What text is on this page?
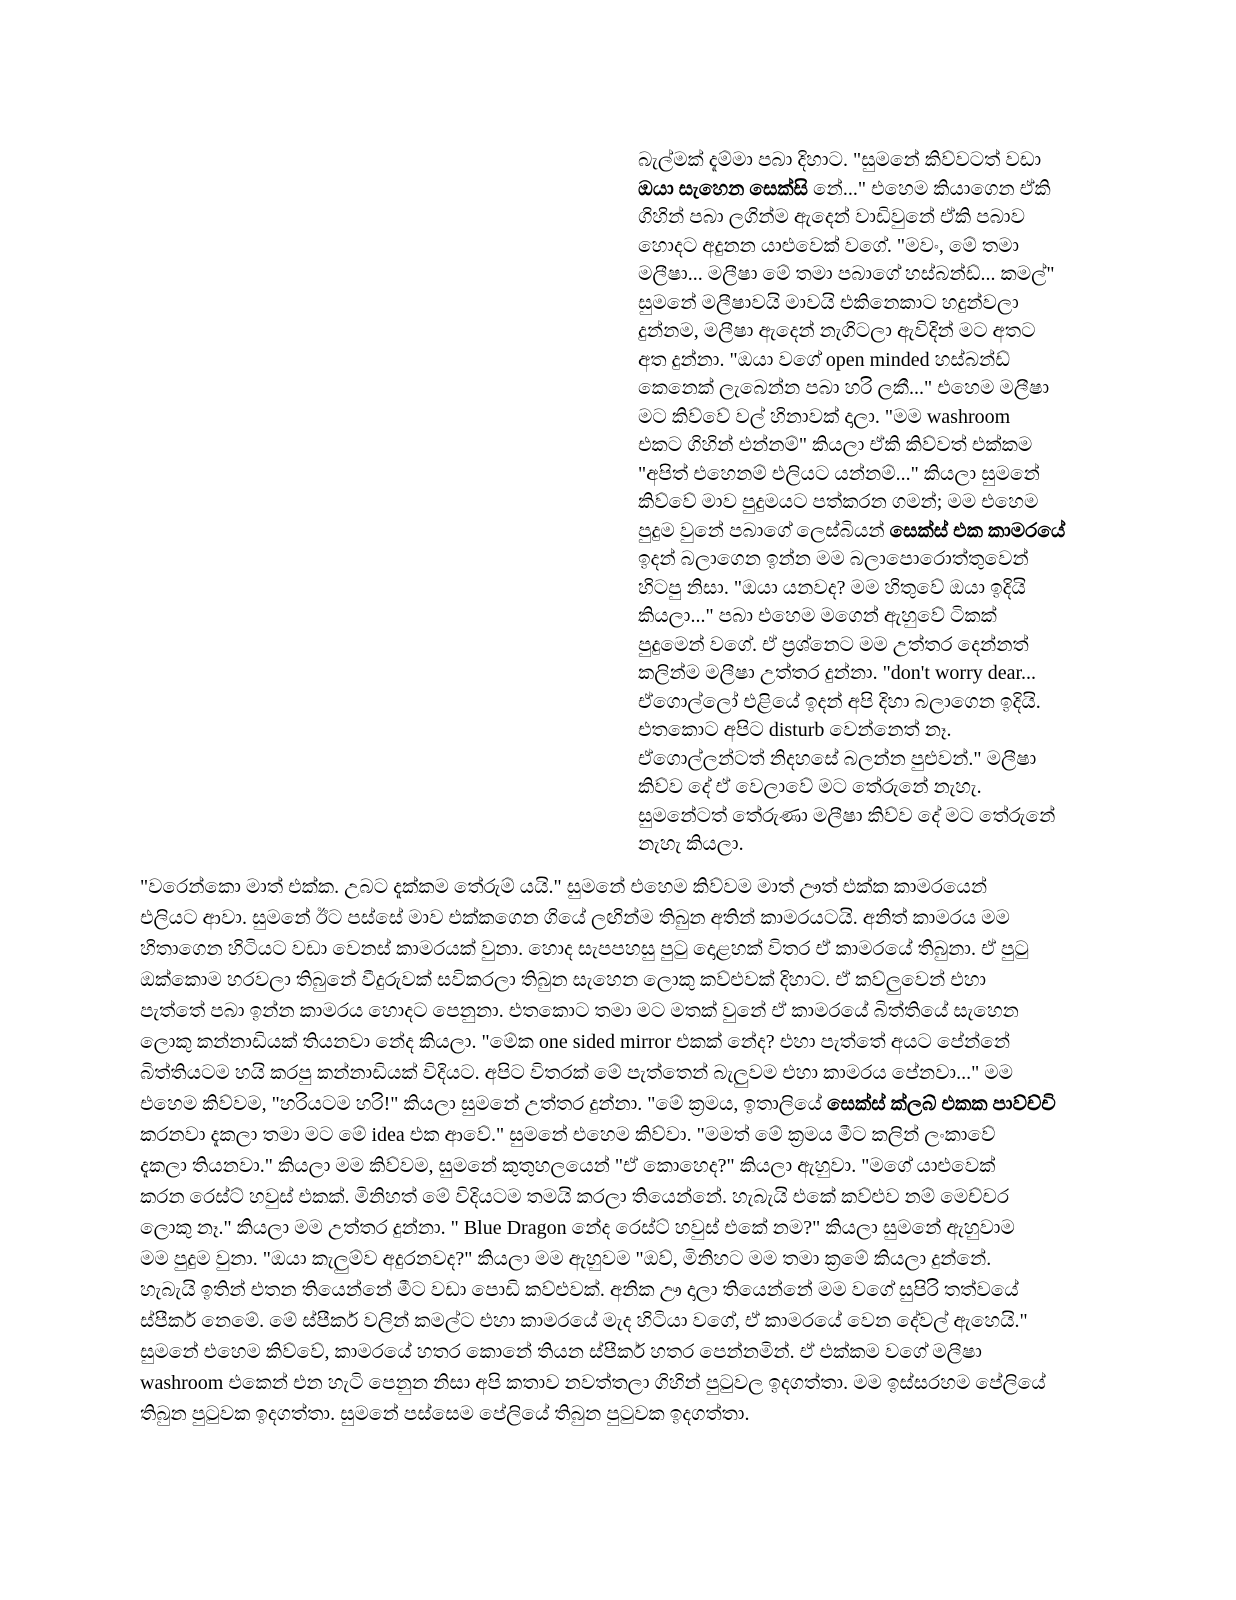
බැල්මක් දැම්මා පබා දිහාට. "සුමනේ කිව්වටත් වඩා
ඔයා සැහෙන සෙක්සි නේ..." එහෙම කියාගෙන ඒකි
ගිහින් පබා ලගින්ම ඇදෙන් වාඩිවුනේ ඒකි පබාව
හොදට අදුනන යාළුවෙක් වගේ. "මවං, මේ තමා
මලීෂා... මලීෂා මේ තමා පබාගේ හස්බන්ඩ්... කමල්"
සුමනේ මලීෂාවයි මාවයි එකිනෙකාට හදුන්වලා
දුන්නම, මලීෂා ඇදෙන් නැගිටලා ඇවිදින් මට අතට
අත දුන්නා. "ඔයා වගේ open minded හස්බන්ඩ්
කෙනෙක් ලැබෙන්න පබා හරි ලකී..." එහෙම මලීෂා
මට කිව්වේ වල් හිනාවක් දාලා. "මම washroom
එකට ගිහින් එන්නම්" කියලා ඒකි කිව්වත් එක්කම
"අපිත් එහෙනම් එලියට යන්නම්..." කියලා සුමනේ
කිව්වේ මාව පුදුමයට පත්කරන ගමන්; මම එහෙම
පුදුම වුනේ පබාගේ ලෙස්බියන් සෙක්ස් එක කාමරයේ
ඉදන් බලාගෙන ඉන්න මම බලාපොරොත්තුවෙන්
හිටපු නිසා. "ඔයා යනවද? මම හිතුවේ ඔයා ඉදියි
කියලා..." පබා එහෙම මගෙන් ඇහුවේ ටිකක්
පුදුමෙන් වගේ. ඒ ප්‍රශ්නෙට මම උත්තර දෙන්නත්
කලින්ම මලීෂා උත්තර දුන්නා. "don't worry dear...
ඒගොල්ලෝ එළියේ ඉදන් අපි දිහා බලාගෙන ඉදියි.
එතකොට අපිට disturb වෙන්නෙත් නෑ.
ඒගොල්ලන්ටත් නිදහසේ බලන්න පුළුවන්." මලීෂා
කිව්ව දේ ඒ වෙලාවේ මට තේරුනේ නැහැ.
සුමනේටත් තේරුණා මලීෂා කිව්ව දේ මට තේරුනේ
නැහැ කියලා.
"වරෙන්කො මාත් එක්ක. උබට දැක්කම තේරුම් යයි." සුමනේ එහෙම කිව්වම මාත් ඌත් එක්ක කාමරයෙන්
එලියට ආවා. සුමනේ ඊට පස්සේ මාව එක්කගෙන ගියේ ලඟින්ම තිබුන අතින් කාමරයටයි. අනිත් කාමරය මම
හිතාගෙන හිටියට වඩා වෙනස් කාමරයක් වුනා. හොද සැපපහසු පුටු දොළහක් විතර ඒ කාමරයේ තිබුනා. ඒ පුටු
ඔක්කොම හරවලා තිබුනේ වීදුරුවක් සවිකරලා තිබුන සැහෙන ලොකු කව්ළුවක් දිහාට. ඒ කව්ලුවෙන් එහා
පැත්තේ පබා ඉන්න කාමරය හොදට පෙනුනා. එතකොට තමා මට මතක් වුනේ ඒ කාමරයේ බිත්තියේ සැහෙන
ලොකු කන්නාඩියක් තියනවා නේද කියලා. "මේක one sided mirror එකක් නේද? එහා පැත්තේ අයට පේන්නේ
බිත්තියටම හයි කරපු කන්නාඩියක් විදියට. අපිට විතරක් මේ පැත්තෙන් බැලුවම එහා කාමරය පේනවා..." මම
එහෙම කිව්වම, "හරියටම හරි!" කියලා සුමනේ උත්තර දුන්නා. "මේ ක්‍රමය, ඉතාලියේ සෙක්ස් ක්ලබ් එකක පාව්ච්චි
කරනවා දැකලා තමා මට මේ idea එක ආවේ." සුමනේ එහෙම කිව්වා. "මමත් මේ ක්‍රමය මීට කලින් ලංකාවේ
දැකලා තියනවා." කියලා මම කිව්වම, සුමනේ කුතුහලයෙන් "ඒ කොහෙද?" කියලා ඇහුවා. "මගේ යාළුවෙක්
කරන රෙස්ට් හවුස් එකක්. මිනිහත් මේ විදියටම තමයි කරලා තියෙන්නේ. හැබැයි එකේ කව්ළුව නම් මෙච්චර
ලොකු නෑ." කියලා මම උත්තර දුන්නා. " Blue Dragon නේද රෙස්ට් හවුස් එකේ නම?" කියලා සුමනේ ඇහුවාම
මම පුදුම වුනා. "ඔයා කැලුම්ව අදුරනවද?" කියලා මම ඇහුවම "ඔව්, මිනිහට මම තමා ක්‍රමේ කියලා දුන්නේ.
හැබැයි ඉතින් එතන තියෙන්නේ මීට වඩා පොඩි කව්ළුවක්. අනික ඌ දාලා තියෙන්නේ මම වගේ සුපිරි තත්වයේ
ස්පීකර් නෙමේ. මේ ස්පීකර් වලින් කමල්ට එහා කාමරයේ මැද හිටියා වගේ, ඒ කාමරයේ වෙන දේවල් ඇහෙයි."
සුමනේ එහෙම කිව්වේ, කාමරයේ හතර කොනේ තියන ස්පීකර් හතර පෙන්නමින්. ඒ එක්කම වගේ මලීෂා
washroom එකෙන් එන හැටි පෙනුන නිසා අපි කතාව නවත්තලා ගිහින් පුටුවල ඉදගත්තා. මම ඉස්සරහම පේලියේ
තිබුන පුටුවක ඉදගත්තා. සුමනේ පස්සෙම පේලියේ තිබුන පුටුවක ඉදගත්තා.
